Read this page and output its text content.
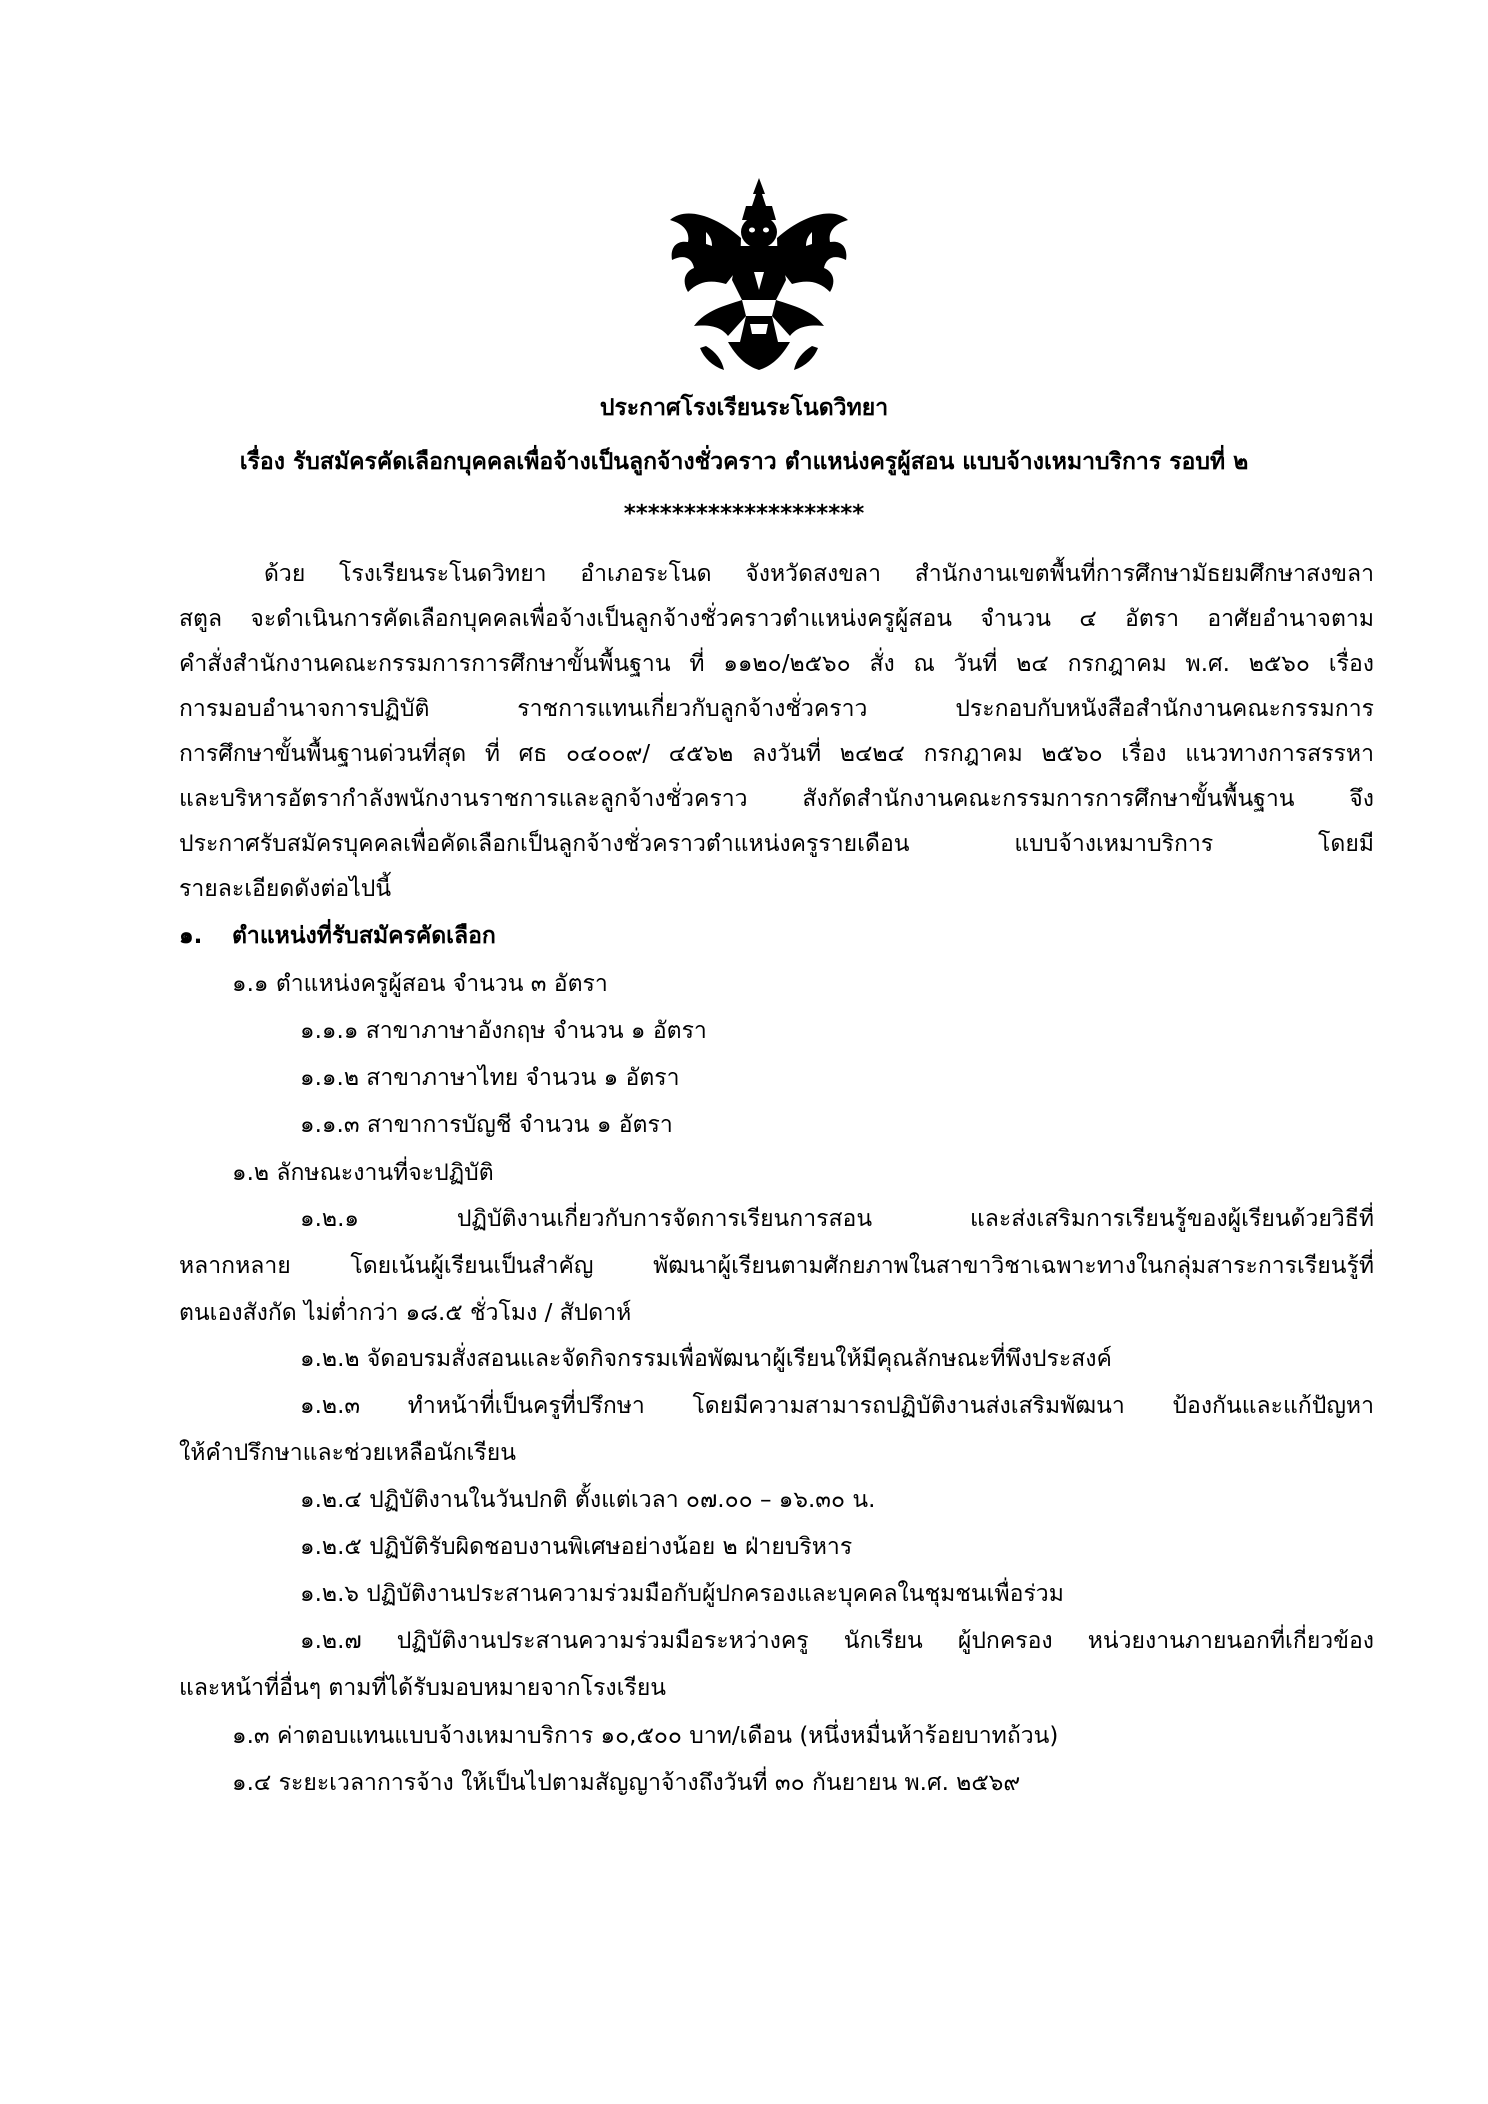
ประกาศโรงเรียนระโนดวิทยา
เรื่อง รับสมัครคัดเลือกบุคคลเพื่อจ้างเป็นลูกจ้างชั่วคราว ตำแหน่งครูผู้สอน แบบจ้างเหมาบริการ รอบที่ ๒
********************
ด้วย โรงเรียนระโนดวิทยา อำเภอระโนด จังหวัดสงขลา สำนักงานเขตพื้นที่การศึกษามัธยมศึกษาสงขลา
สตูล จะดำเนินการคัดเลือกบุคคลเพื่อจ้างเป็นลูกจ้างชั่วคราวตำแหน่งครูผู้สอน จำนวน ๔ อัตรา อาศัยอำนาจตาม
คำสั่งสำนักงานคณะกรรมการการศึกษาขั้นพื้นฐาน ที่ ๑๑๒๐/๒๕๖๐ สั่ง ณ วันที่ ๒๔ กรกฎาคม พ.ศ. ๒๕๖๐ เรื่อง
การมอบอำนาจการปฏิบัติ ราชการแทนเกี่ยวกับลูกจ้างชั่วคราว ประกอบกับหนังสือสำนักงานคณะกรรมการ
การศึกษาขั้นพื้นฐานด่วนที่สุด ที่ ศธ ๐๔๐๐๙/ ๔๕๖๒ ลงวันที่ ๒๔๒๔ กรกฎาคม ๒๕๖๐ เรื่อง แนวทางการสรรหา
และบริหารอัตรากำลังพนักงานราชการและลูกจ้างชั่วคราว สังกัดสำนักงานคณะกรรมการการศึกษาขั้นพื้นฐาน จึง
ประกาศรับสมัครบุคคลเพื่อคัดเลือกเป็นลูกจ้างชั่วคราวตำแหน่งครูรายเดือน แบบจ้างเหมาบริการ โดยมี
รายละเอียดดังต่อไปนี้
๑. ตำแหน่งที่รับสมัครคัดเลือก
๑.๑ ตำแหน่งครูผู้สอน จำนวน ๓ อัตรา
๑.๑.๑ สาขาภาษาอังกฤษ จำนวน ๑ อัตรา
๑.๑.๒ สาขาภาษาไทย จำนวน ๑ อัตรา
๑.๑.๓ สาขาการบัญชี จำนวน ๑ อัตรา
๑.๒ ลักษณะงานที่จะปฏิบัติ
๑.๒.๑ ปฏิบัติงานเกี่ยวกับการจัดการเรียนการสอน และส่งเสริมการเรียนรู้ของผู้เรียนด้วยวิธีที่
หลากหลาย โดยเน้นผู้เรียนเป็นสำคัญ พัฒนาผู้เรียนตามศักยภาพในสาขาวิชาเฉพาะทางในกลุ่มสาระการเรียนรู้ที่
ตนเองสังกัด ไม่ต่ำกว่า ๑๘.๕ ชั่วโมง / สัปดาห์
๑.๒.๒ จัดอบรมสั่งสอนและจัดกิจกรรมเพื่อพัฒนาผู้เรียนให้มีคุณลักษณะที่พึงประสงค์
๑.๒.๓ ทำหน้าที่เป็นครูที่ปรึกษา โดยมีความสามารถปฏิบัติงานส่งเสริมพัฒนา ป้องกันและแก้ปัญหา
ให้คำปรึกษาและช่วยเหลือนักเรียน
๑.๒.๔ ปฏิบัติงานในวันปกติ ตั้งแต่เวลา ๐๗.๐๐ – ๑๖.๓๐ น.
๑.๒.๕ ปฏิบัติรับผิดชอบงานพิเศษอย่างน้อย ๒ ฝ่ายบริหาร
๑.๒.๖ ปฏิบัติงานประสานความร่วมมือกับผู้ปกครองและบุคคลในชุมชนเพื่อร่วม
๑.๒.๗ ปฏิบัติงานประสานความร่วมมือระหว่างครู นักเรียน ผู้ปกครอง หน่วยงานภายนอกที่เกี่ยวข้อง
และหน้าที่อื่นๆ ตามที่ได้รับมอบหมายจากโรงเรียน
๑.๓ ค่าตอบแทนแบบจ้างเหมาบริการ ๑๐,๕๐๐ บาท/เดือน (หนึ่งหมื่นห้าร้อยบาทถ้วน)
๑.๔ ระยะเวลาการจ้าง ให้เป็นไปตามสัญญาจ้างถึงวันที่ ๓๐ กันยายน พ.ศ. ๒๕๖๙
